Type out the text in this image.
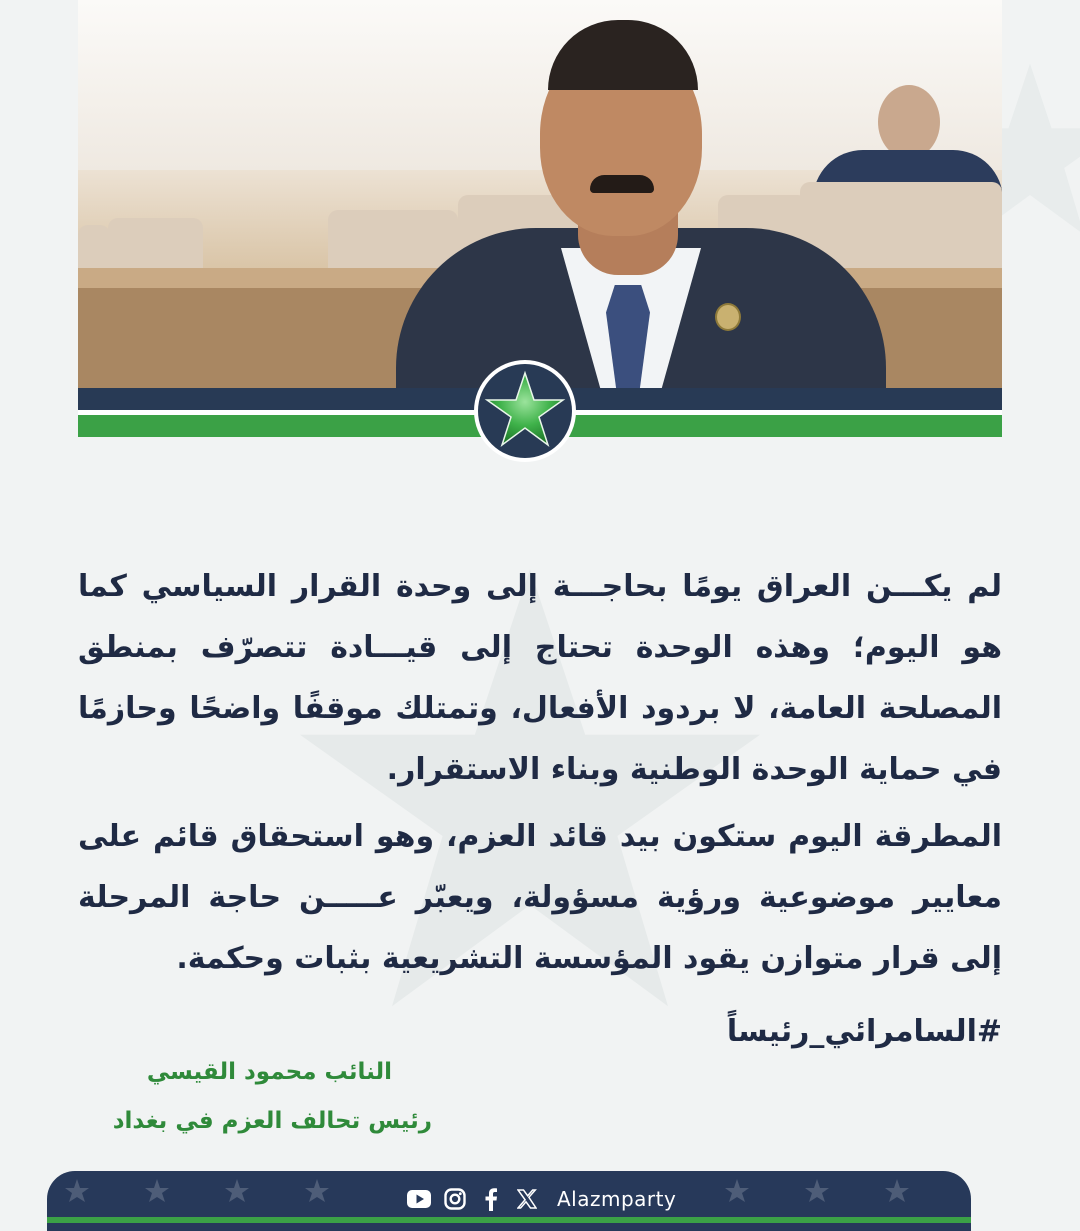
لم يكـــن العراق يومًا بحاجـــة إلى وحدة القرار السياسي كما هو اليوم؛ وهذه الوحدة تحتاج إلى قيـــادة تتصرّف بمنطق المصلحة العامة، لا بردود الأفعال، وتمتلك موقفًا واضحًا وحازمًا في حماية الوحدة الوطنية وبناء الاستقرار.

المطرقة اليوم ستكون بيد قائد العزم، وهو استحقاق قائم على معايير موضوعية ورؤية مسؤولة، ويعبّر عـــــن حاجة المرحلة إلى قرار متوازن يقود المؤسسة التشريعية بثبات وحكمة.

#السامرائي_رئيساً
النائب محمود القيسي
رئيس تحالف العزم في بغداد
Alazmparty
